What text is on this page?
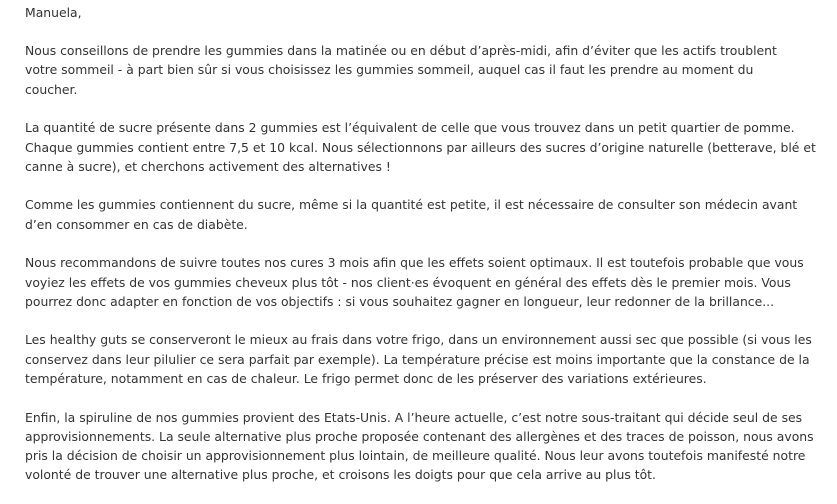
Manuela,
Nous conseillons de prendre les gummies dans la matinée ou en début d’après-midi, afin d’éviter que les actifs troublent
votre sommeil - à part bien sûr si vous choisissez les gummies sommeil, auquel cas il faut les prendre au moment du
coucher.
La quantité de sucre présente dans 2 gummies est l’équivalent de celle que vous trouvez dans un petit quartier de pomme.
Chaque gummies contient entre 7,5 et 10 kcal. Nous sélectionnons par ailleurs des sucres d’origine naturelle (betterave, blé et
canne à sucre), et cherchons activement des alternatives !
Comme les gummies contiennent du sucre, même si la quantité est petite, il est nécessaire de consulter son médecin avant
d’en consommer en cas de diabète.
Nous recommandons de suivre toutes nos cures 3 mois afin que les effets soient optimaux. Il est toutefois probable que vous
voyiez les effets de vos gummies cheveux plus tôt - nos client·es évoquent en général des effets dès le premier mois. Vous
pourrez donc adapter en fonction de vos objectifs : si vous souhaitez gagner en longueur, leur redonner de la brillance...
Les healthy guts se conserveront le mieux au frais dans votre frigo, dans un environnement aussi sec que possible (si vous les
conservez dans leur pilulier ce sera parfait par exemple). La température précise est moins importante que la constance de la
température, notamment en cas de chaleur. Le frigo permet donc de les préserver des variations extérieures.
Enfin, la spiruline de nos gummies provient des Etats-Unis. A l’heure actuelle, c’est notre sous-traitant qui décide seul de ses
approvisionnements. La seule alternative plus proche proposée contenant des allergènes et des traces de poisson, nous avons
pris la décision de choisir un approvisionnement plus lointain, de meilleure qualité. Nous leur avons toutefois manifesté notre
volonté de trouver une alternative plus proche, et croisons les doigts pour que cela arrive au plus tôt.
